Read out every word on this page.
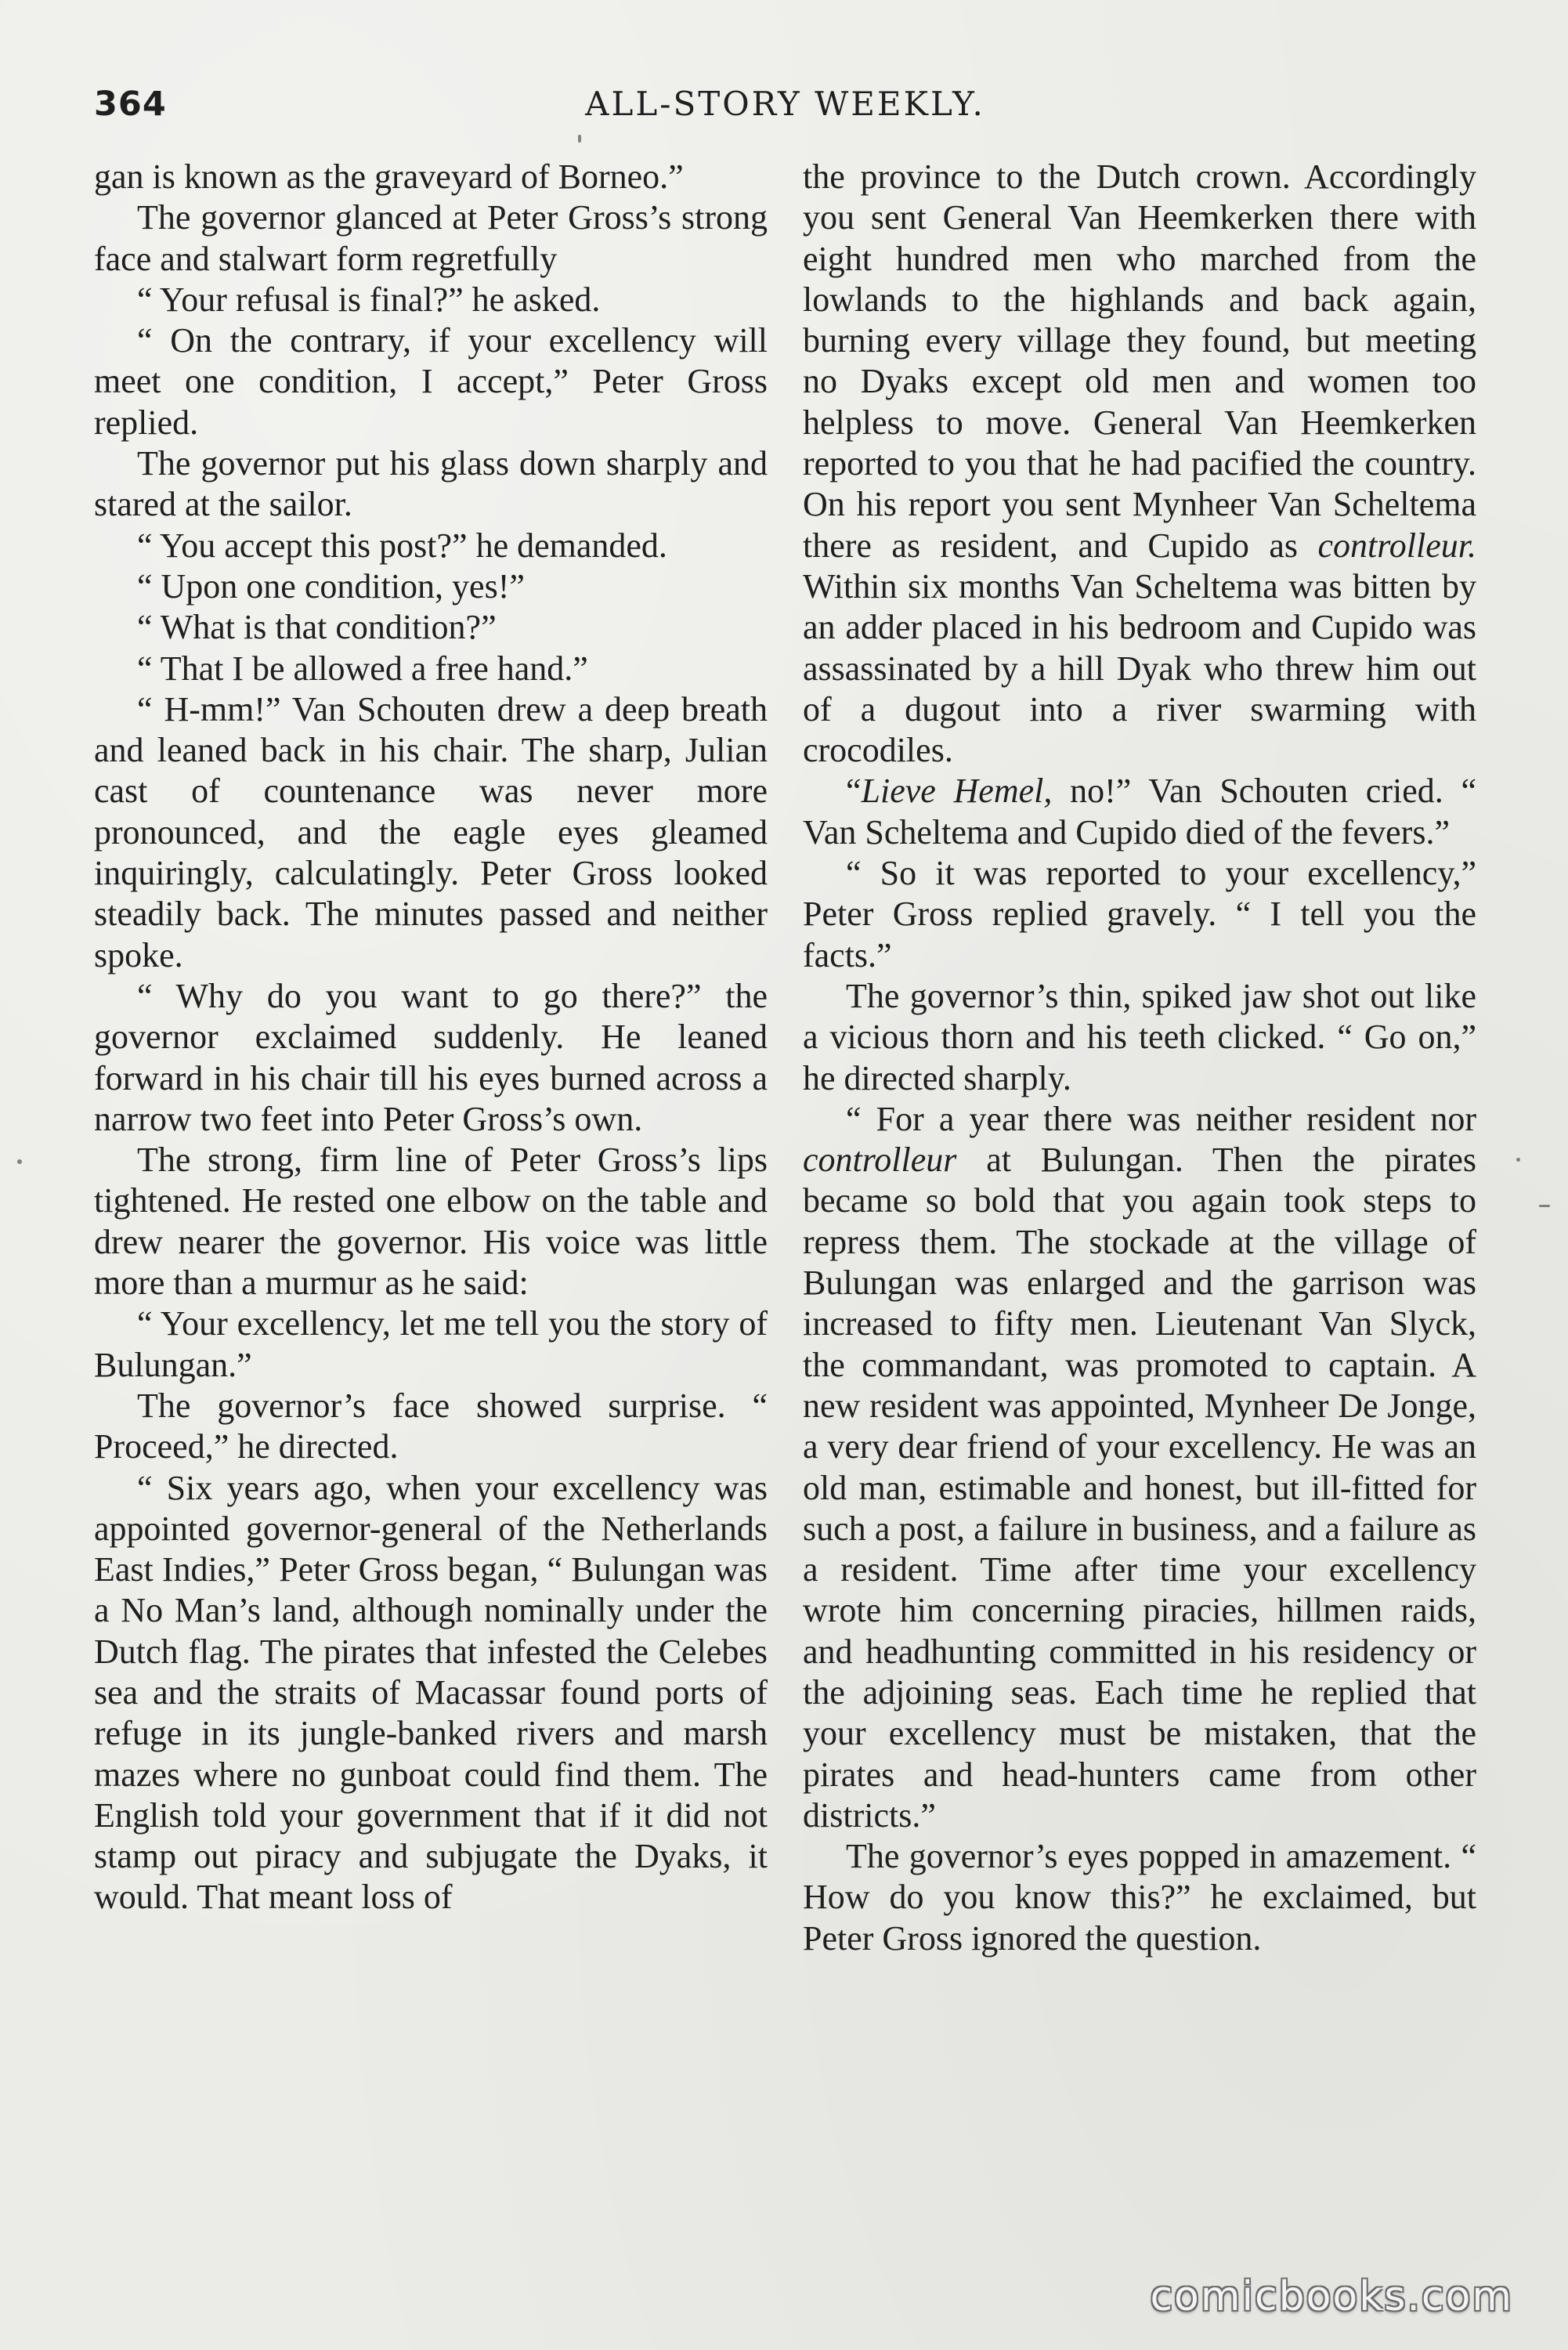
364	ALL-STORY WEEKLY.

gan is known as the graveyard of Borneo.”

The governor glanced at Peter Gross’s strong face and stalwart form regretfully

“ Your refusal is final?” he asked.

“ On the contrary, if your excellency will meet one condition, I accept,” Peter Gross replied.

The governor put his glass down sharply and stared at the sailor.

“ You accept this post?” he demanded.

“ Upon one condition, yes!”

“ What is that condition?”

“ That I be allowed a free hand.”

“ H-mm!” Van Schouten drew a deep breath and leaned back in his chair. The sharp, Julian cast of countenance was never more pronounced, and the eagle eyes gleamed inquiringly, calculatingly. Peter Gross looked steadily back. The minutes passed and neither spoke.

“ Why do you want to go there?” the governor exclaimed suddenly. He leaned forward in his chair till his eyes burned across a narrow two feet into Peter Gross’s own.

The strong, firm line of Peter Gross’s lips tightened. He rested one elbow on the table and drew nearer the governor. His voice was little more than a murmur as he said:

“ Your excellency, let me tell you the story of Bulungan.”

The governor’s face showed surprise. “ Proceed,” he directed.

“ Six years ago, when your excellency was appointed governor-general of the Netherlands East Indies,” Peter Gross began, “ Bulungan was a No Man’s land, although nominally under the Dutch flag. The pirates that infested the Celebes sea and the straits of Macassar found ports of refuge in its jungle-banked rivers and marsh mazes where no gunboat could find them. The English told your government that if it did not stamp out piracy and subjugate the Dyaks, it would. That meant loss of

the province to the Dutch crown. Accordingly you sent General Van Heemkerken there with eight hundred men who marched from the lowlands to the highlands and back again, burning every village they found, but meeting no Dyaks except old men and women too helpless to move. General Van Heemkerken reported to you that he had pacified the country. On his report you sent Mynheer Van Scheltema there as resident, and Cupido as controlleur. Within six months Van Scheltema was bitten by an adder placed in his bedroom and Cupido was assassinated by a hill Dyak who threw him out of a dugout into a river swarming with crocodiles.

“Lieve Hemel, no!” Van Schouten cried. “ Van Scheltema and Cupido died of the fevers.”

“ So it was reported to your excellency,” Peter Gross replied gravely. “ I tell you the facts.”

The governor’s thin, spiked jaw shot out like a vicious thorn and his teeth clicked. “ Go on,” he directed sharply.

“ For a year there was neither resident nor controlleur at Bulungan. Then the pirates became so bold that you again took steps to repress them. The stockade at the village of Bulungan was enlarged and the garrison was increased to fifty men. Lieutenant Van Slyck, the commandant, was promoted to captain. A new resident was appointed, Mynheer De Jonge, a very dear friend of your excellency. He was an old man, estimable and honest, but ill-fitted for such a post, a failure in business, and a failure as a resident. Time after time your excellency wrote him concerning piracies, hillmen raids, and headhunting committed in his residency or the adjoining seas. Each time he replied that your excellency must be mistaken, that the pirates and head-hunters came from other districts.”

The governor’s eyes popped in amazement. “ How do you know this?” he exclaimed, but Peter Gross ignored the question.

comicbooks.com
